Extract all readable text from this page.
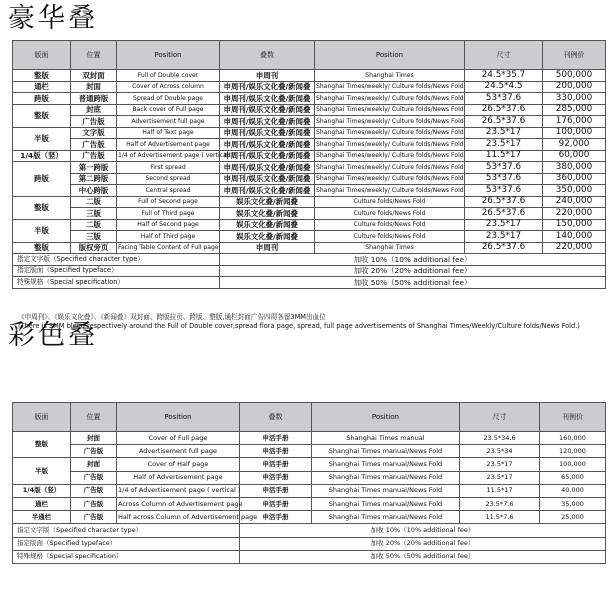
豪华叠
版面	位置	Position	叠数	Position	尺寸	刊例价
整版	双封面	Full of Double cover	申周刊	Shanghai Times	24.5*35.7	500,000
通栏	封面	Cover of Across column	申周刊/娱乐文化叠/新闻叠	Shanghai Times/weekly/ Culture folds/News Fold	24.5*4.5	200,000
跨版	普通跨版	Spread of Double page	申周刊/娱乐文化叠/新闻叠	Shanghai Times/weekly/ Culture folds/News Fold	53*37.6	330,000
整版	封底	Back cover of Full page	申周刊/娱乐文化叠/新闻叠	Shanghai Times/weekly/ Culture folds/News Fold	26.5*37.6	285,000
	广告版	Advertisement full page	申周刊/娱乐文化叠/新闻叠	Shanghai Times/weekly/ Culture folds/News Fold	26.5*37.6	176,000
半版	文字版	Half of Text page	申周刊/娱乐文化叠/新闻叠	Shanghai Times/weekly/ Culture folds/News Fold	23.5*17	100,000
	广告版	Half of Advertisement page	申周刊/娱乐文化叠/新闻叠	Shanghai Times/weekly/ Culture folds/News Fold	23.5*17	92,000
1/4版（竖）	广告版	1/4 of Advertisement page ( vertical )	申周刊/娱乐文化叠/新闻叠	Shanghai Times/weekly/ Culture folds/News Fold	11.5*17	60,000
跨版	第一跨版	First spread	申周刊/娱乐文化叠/新闻叠	Shanghai Times/weekly/ Culture folds/News Fold	53*37.6	380,000
	第二跨版	Second spread	申周刊/娱乐文化叠/新闻叠	Shanghai Times/weekly/ Culture folds/News Fold	53*37.6	360,000
	中心跨版	Central spread	申周刊/娱乐文化叠/新闻叠	Shanghai Times/weekly/ Culture folds/News Fold	53*37.6	350,000
整版	二版	Full of Second page	娱乐文化叠/新闻叠	Culture folds/News Fold	26.5*37.6	240,000
	三版	Full of Third page	娱乐文化叠/新闻叠	Culture folds/News Fold	26.5*37.6	220,000
半版	二版	Half of Second page	娱乐文化叠/新闻叠	Culture folds/News Fold	23.5*17	150,000
	三版	Half of Third page	娱乐文化叠/新闻叠	Culture folds/News Fold	23.5*17	140,000
整版	版权旁页	Facing Table Content of Full page	申周刊	Shanghai Times	26.5*37.6	220,000
指定文字版（Specified character type）			加收 10%（10% additional fee）			
指定版面（Specified typeface）			加收 20%（20% additional fee）			
特殊规格（Special specification）			加收 50%（50% additional fee）			
《申周刊》、《娱乐文化叠》、《新闻叠》双封面、跨版拉页、跨版、整版,通栏封面广告四周各留3MM出血位
(There is 3MM bleed respectively around the Full of Double cover,spread flora page, spread, full page advertisements of Shanghai Times/Weekly/Culture folds/News Fold.)
彩色叠
版面	位置	Position	叠数	Position	尺寸	刊例价
整版	封面	Cover of Full page	申活手册	Shanghai Times manual	23.5*34.6	160,000
	广告版	Advertisement full page	申活手册	Shanghai Times manual/News Fold	23.5*34	120,000
半版	封面	Cover of Half page	申活手册	Shanghai Times manual/News Fold	23.5*17	100,000
	广告版	Half of Advertisement page	申活手册	Shanghai Times manual/News Fold	23.5*17	65,000
1/4版（竖）	广告版	1/4 of Advertisement page ( vertical )	申活手册	Shanghai Times manual/News Fold	11.5*17	40,000
通栏	广告版	Across Column of Advertisement page	申活手册	Shanghai Times manual/News Fold	23.5*7.6	35,000
半通栏	广告版	Half across Column of Advertisement page	申活手册	Shanghai Times manual/News Fold	11.5*7.6	25,000
指定文字版（Specified character type）			加收 10%（10% additional fee）			
指定版面（Specified typeface）			加收 20%（20% additional fee）			
特殊规格（Special specification）			加收 50%（50% additional fee）			
